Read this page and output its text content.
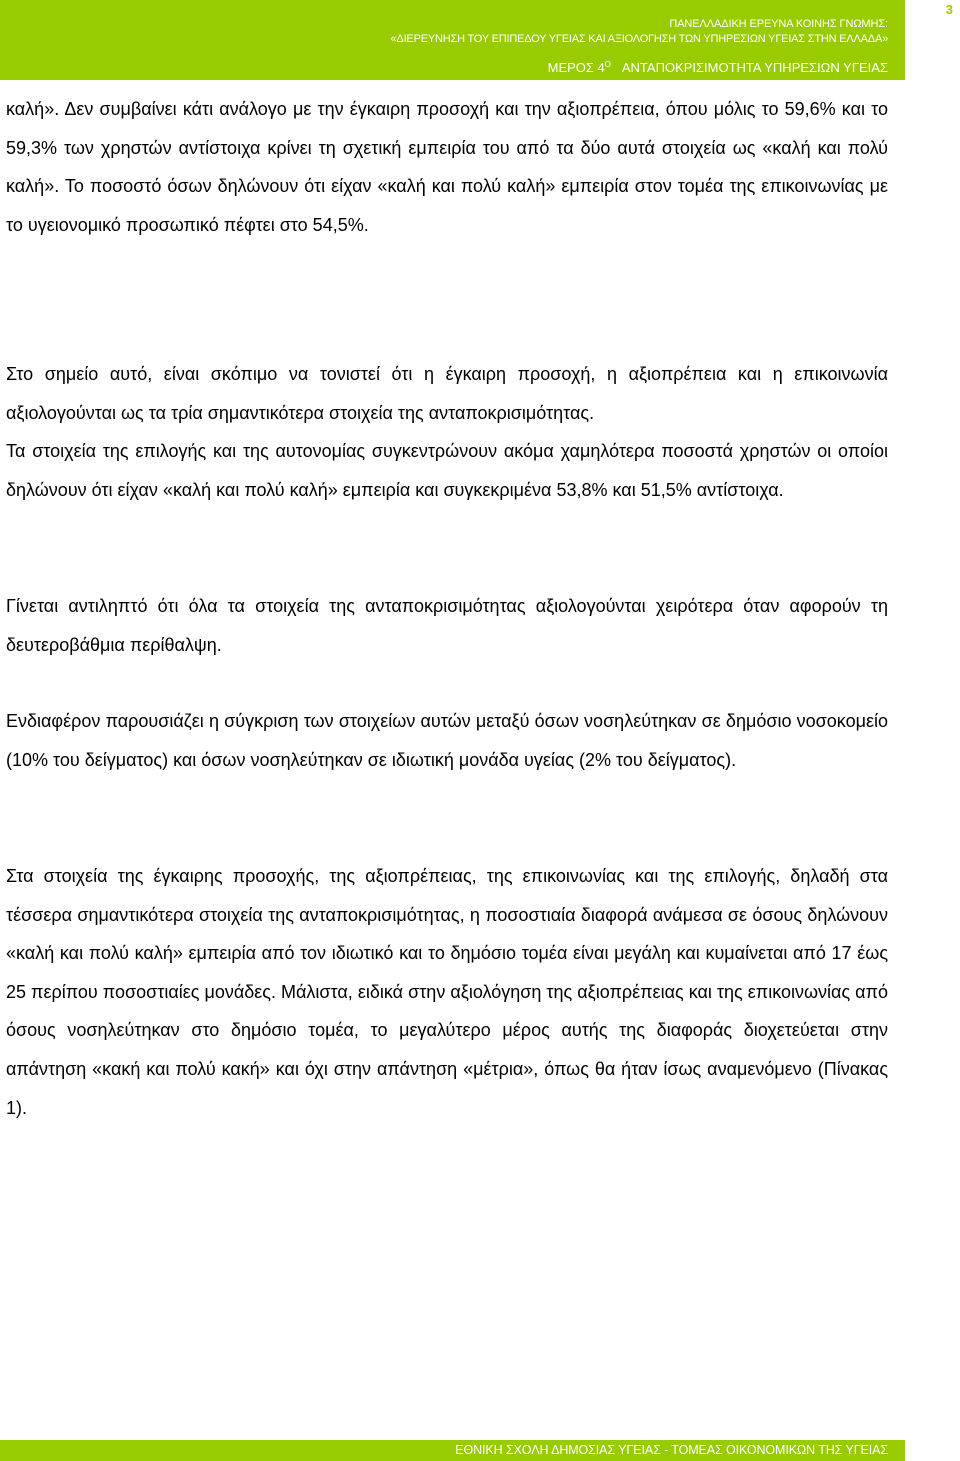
3
ΠΑΝΕΛΛΑΔΙΚΗ ΕΡΕΥΝΑ ΚΟΙΝΗΣ ΓΝΩΜΗΣ:
«ΔΙΕΡΕΥΝΗΣΗ ΤΟΥ ΕΠΙΠΕΔΟΥ ΥΓΕΙΑΣ ΚΑΙ ΑΞΙΟΛΟΓΗΣΗ ΤΩΝ ΥΠΗΡΕΣΙΩΝ ΥΓΕΙΑΣ ΣΤΗΝ ΕΛΛΑΔΑ»
ΜΕΡΟΣ $4^O$ ΑΝΤΑΠΟΚΡΙΣΙΜΟΤΗΤΑ ΥΠΗΡΕΣΙΩΝ ΥΓΕΙΑΣ

καλή». Δεν συμβαίνει κάτι ανάλογο με την έγκαιρη προσοχή και την αξιοπρέπεια, όπου μόλις το 59,6% και το 59,3% των χρηστών αντίστοιχα κρίνει τη σχετική εμπειρία του από τα δύο αυτά στοιχεία ως «καλή και πολύ καλή». Το ποσοστό όσων δηλώνουν ότι είχαν «καλή και πολύ καλή» εμπειρία στον τομέα της επικοινωνίας με το υγειονομικό προσωπικό πέφτει στο 54,5%.

Στο σημείο αυτό, είναι σκόπιμο να τονιστεί ότι η έγκαιρη προσοχή, η αξιοπρέπεια και η επικοινωνία αξιολογούνται ως τα τρία σημαντικότερα στοιχεία της ανταποκρισιμότητας.

Τα στοιχεία της επιλογής και της αυτονομίας συγκεντρώνουν ακόμα χαμηλότερα ποσοστά χρηστών οι οποίοι δηλώνουν ότι είχαν «καλή και πολύ καλή» εμπειρία και συγκεκριμένα 53,8% και 51,5% αντίστοιχα.

Γίνεται αντιληπτό ότι όλα τα στοιχεία της ανταποκρισιμότητας αξιολογούνται χειρότερα όταν αφορούν τη δευτεροβάθμια περίθαλψη.

Ενδιαφέρον παρουσιάζει η σύγκριση των στοιχείων αυτών μεταξύ όσων νοσηλεύτηκαν σε δημόσιο νοσοκομείο (10% του δείγματος) και όσων νοσηλεύτηκαν σε ιδιωτική μονάδα υγείας (2% του δείγματος).

Στα στοιχεία της έγκαιρης προσοχής, της αξιοπρέπειας, της επικοινωνίας και της επιλογής, δηλαδή στα τέσσερα σημαντικότερα στοιχεία της ανταποκρισιμότητας, η ποσοστιαία διαφορά ανάμεσα σε όσους δηλώνουν «καλή και πολύ καλή» εμπειρία από τον ιδιωτικό και το δημόσιο τομέα είναι μεγάλη και κυμαίνεται από 17 έως 25 περίπου ποσοστιαίες μονάδες. Μάλιστα, ειδικά στην αξιολόγηση της αξιοπρέπειας και της επικοινωνίας από όσους νοσηλεύτηκαν στο δημόσιο τομέα, το μεγαλύτερο μέρος αυτής της διαφοράς διοχετεύεται στην απάντηση «κακή και πολύ κακή» και όχι στην απάντηση «μέτρια», όπως θα ήταν ίσως αναμενόμενο (Πίνακας 1).

ΕΘΝΙΚΗ ΣΧΟΛΗ ΔΗΜΟΣΙΑΣ ΥΓΕΙΑΣ - ΤΟΜΕΑΣ ΟΙΚΟΝΟΜΙΚΩΝ ΤΗΣ ΥΓΕΙΑΣ
